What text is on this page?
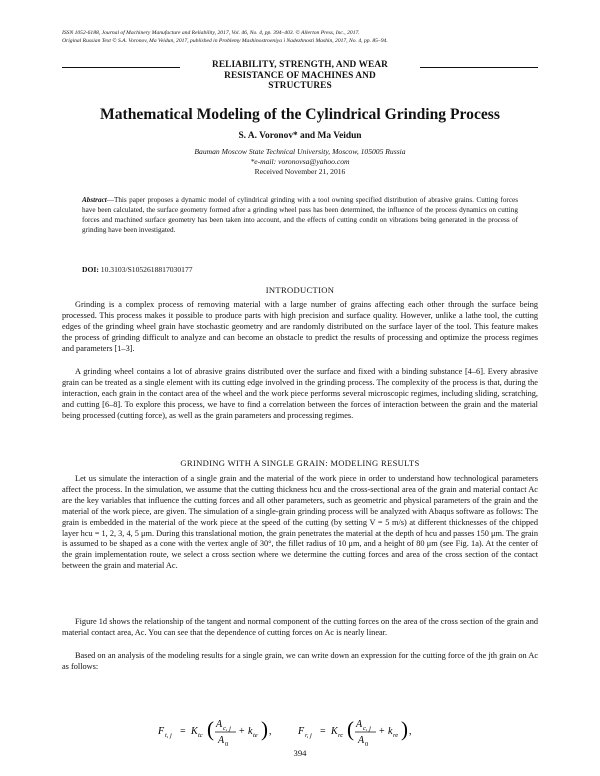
ISSN 1052-6188, Journal of Machinery Manufacture and Reliability, 2017, Vol. 46, No. 4, pp. 394–403. © Allerton Press, Inc., 2017.
Original Russian Text © S.A. Voronov, Ma Veidun, 2017, published in Problemy Mashinostroeniya i Nadezhnosti Mashin, 2017, No. 4, pp. 85–94.
RELIABILITY, STRENGTH, AND WEAR RESISTANCE OF MACHINES AND STRUCTURES
Mathematical Modeling of the Cylindrical Grinding Process
S. A. Voronov* and Ma Veidun
Bauman Moscow State Technical University, Moscow, 105005 Russia
*e-mail: voronovsa@yahoo.com
Received November 21, 2016
Abstract—This paper proposes a dynamic model of cylindrical grinding with a tool owning specified distribution of abrasive grains. Cutting forces have been calculated, the surface geometry formed after a grinding wheel pass has been determined, the influence of the process dynamics on cutting forces and machined surface geometry has been taken into account, and the effects of cutting condit on vibrations being generated in the process of grinding have been investigated.
DOI: 10.3103/S1052618817030177
INTRODUCTION
Grinding is a complex process of removing material with a large number of grains affecting each other through the surface being processed. This process makes it possible to produce parts with high precision and surface quality. However, unlike a lathe tool, the cutting edges of the grinding wheel grain have stochastic geometry and are randomly distributed on the surface layer of the tool. This feature makes the process of grinding difficult to analyze and can become an obstacle to predict the results of processing and optimize the process regimes and parameters [1–3].
A grinding wheel contains a lot of abrasive grains distributed over the surface and fixed with a binding substance [4–6]. Every abrasive grain can be treated as a single element with its cutting edge involved in the grinding process. The complexity of the process is that, during the interaction, each grain in the contact area of the wheel and the work piece performs several microscopic regimes, including sliding, scratching, and cutting [6–8]. To explore this process, we have to find a correlation between the forces of interaction between the grain and the material being processed (cutting force), as well as the grain parameters and processing regimes.
GRINDING WITH A SINGLE GRAIN: MODELING RESULTS
Let us simulate the interaction of a single grain and the material of the work piece in order to understand how technological parameters affect the process. In the simulation, we assume that the cutting thickness hcu and the cross-sectional area of the grain and material contact Ac are the key variables that influence the cutting forces and all other parameters, such as geometric and physical parameters of the grain and the material of the work piece, are given. The simulation of a single-grain grinding process will be analyzed with Abaqus software as follows: The grain is embedded in the material of the work piece at the speed of the cutting (by setting V = 5 m/s) at different thicknesses of the chipped layer hcu = 1, 2, 3, 4, 5 μm. During this translational motion, the grain penetrates the material at the depth of hcu and passes 150 μm. The grain is assumed to be shaped as a cone with the vertex angle of 30°, the fillet radius of 10 μm, and a height of 80 μm (see Fig. 1a). At the center of the grain implementation route, we select a cross section where we determine the cutting forces and area of the cross section of the contact between the grain and material Ac.
Figure 1d shows the relationship of the tangent and normal component of the cutting forces on the area of the cross section of the grain and material contact area, Ac. You can see that the dependence of cutting forces on Ac is nearly linear.
Based on an analysis of the modeling results for a single grain, we can write down an expression for the cutting force of the jth grain on Ac as follows:
F t, j = K tc ( A c, j
A 0
+ k te ) ,	F r, j = K rc ( A c, j
A 0
+ k re ) ,
394
